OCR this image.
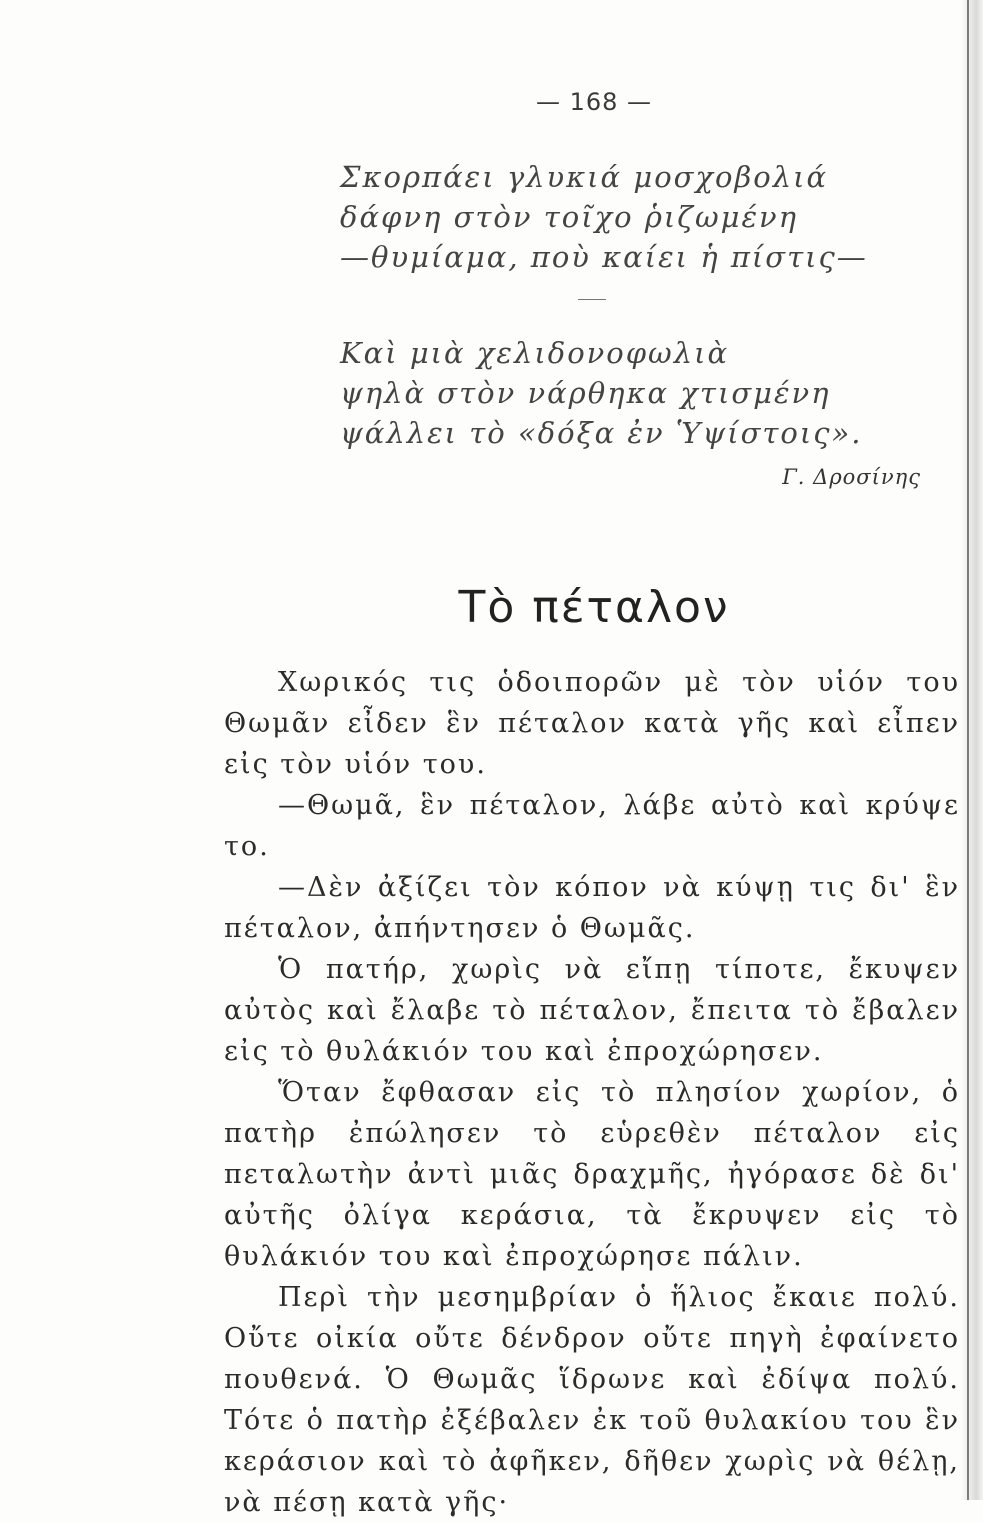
— 168 —
Σκορπάει γλυκιά μοσχοβολιά
δάφνη στὸν τοῖχο ῥιζωμένη
—θυμίαμα, ποὺ καίει ἡ πίστις—
Καὶ μιὰ χελιδονοφωλιὰ
ψηλὰ στὸν νάρθηκα χτισμένη
ψάλλει τὸ «δόξα ἐν Ὑψίστοις».
Γ. Δροσίνης
Τὸ πέταλον

Χωρικός τις ὁδοιπορῶν μὲ τὸν υἱόν του Θωμᾶν εἶδεν ἓν πέταλον κατὰ γῆς καὶ εἶπεν εἰς τὸν υἱόν του.

—Θωμᾶ, ἓν πέταλον, λάβε αὐτὸ καὶ κρύψε το.

—Δὲν ἀξίζει τὸν κόπον νὰ κύψῃ τις δι' ἓν πέταλον, ἀπήντησεν ὁ Θωμᾶς.

Ὁ πατήρ, χωρὶς νὰ εἴπῃ τίποτε, ἔκυψεν αὐτὸς καὶ ἔλαβε τὸ πέταλον, ἔπειτα τὸ ἔβαλεν εἰς τὸ θυλάκιόν του καὶ ἐπροχώρησεν.

Ὅταν ἔφθασαν εἰς τὸ πλησίον χωρίον, ὁ πατὴρ ἐπώλησεν τὸ εὑρεθὲν πέταλον εἰς πεταλωτὴν ἀντὶ μιᾶς δραχμῆς, ἠγόρασε δὲ δι' αὐτῆς ὀλίγα κεράσια, τὰ ἔκρυψεν εἰς τὸ θυλάκιόν του καὶ ἐπροχώρησε πάλιν.

Περὶ τὴν μεσημβρίαν ὁ ἥλιος ἔκαιε πολύ. Οὔτε οἰκία οὔτε δένδρον οὔτε πηγὴ ἐφαίνετο πουθενά. Ὁ Θωμᾶς ἵδρωνε καὶ ἐδίψα πολύ. Τότε ὁ πατὴρ ἐξέβαλεν ἐκ τοῦ θυλακίου του ἓν κεράσιον καὶ τὸ ἀφῆκεν, δῆθεν χωρὶς νὰ θέλῃ, νὰ πέσῃ κατὰ γῆς·
